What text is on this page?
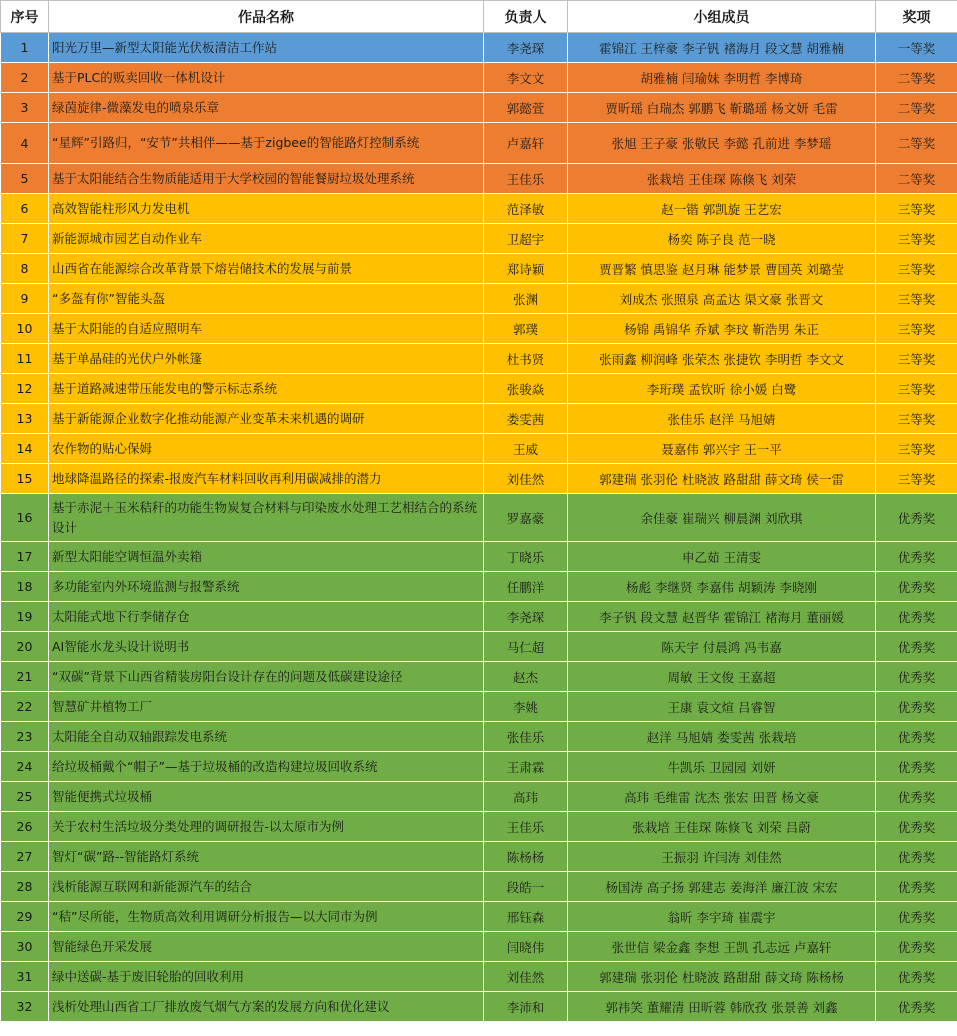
序号	作品名称	负责人	小组成员	奖项
1	阳光万里—新型太阳能光伏板清洁工作站	李尧琛	霍锦江 王梓豪 李子钒 褚海月 段文慧 胡雅楠	一等奖
2	基于PLC的贩卖回收一体机设计	李文文	胡雅楠 闫瑜妹 李明哲 李博琦	二等奖
3	绿茵旋律-微藻发电的喷泉乐章	郭懿萱	贾昕瑶 白瑞杰 郭鹏飞 靳璐瑶 杨文妍 毛雷	二等奖
4	“星辉”引路归，“安节”共相伴——基于zigbee的智能路灯控制系统	卢嘉轩	张旭 王子豪 张敬民 李懿 孔前进 李梦瑶	二等奖
5	基于太阳能结合生物质能适用于大学校园的智能餐厨垃圾处理系统	王佳乐	张栽培 王佳琛 陈倏飞 刘荣	二等奖
6	高效智能柱形风力发电机	范泽敏	赵一锴 郭凯旋 王艺宏	三等奖
7	新能源城市园艺自动作业车	卫超宇	杨奕 陈子良 范一晓	三等奖
8	山西省在能源综合改革背景下熔岩储技术的发展与前景	郑诗颖	贾晋繁 慎思鉴 赵月琳 能梦景 曹国英 刘璐莹	三等奖
9	“多盔有你”智能头盔	张渊	刘成杰 张照泉 高孟达 渠文豪 张晋文	三等奖
10	基于太阳能的自适应照明车	郭璞	杨锦 禹锦华 乔斌 李玟 靳浩男 朱正	三等奖
11	基于单晶硅的光伏户外帐篷	杜书贤	张雨鑫 柳润峰 张荣杰 张捷钦 李明哲 李文文	三等奖
12	基于道路减速带压能发电的警示标志系统	张骏焱	李珩璞 孟钦昕 徐小媛 白鹭	三等奖
13	基于新能源企业数字化推动能源产业变革未来机遇的调研	娄雯茜	张佳乐 赵洋 马旭婧	三等奖
14	农作物的贴心保姆	王威	聂嘉伟 郭兴宇 王一平	三等奖
15	地球降温路径的探索-报废汽车材料回收再利用碳减排的潜力	刘佳然	郭建瑞 张羽伦 杜晓波 路甜甜 薛文琦 侯一雷	三等奖
16	基于赤泥＋玉米秸秆的功能生物炭复合材料与印染废水处理工艺相结合的系统设计	罗嘉豪	余佳豪 崔瑞兴 柳晨渊 刘欣琪	优秀奖
17	新型太阳能空调恒温外卖箱	丁晓乐	申乙茹 王清雯	优秀奖
18	多功能室内外环境监测与报警系统	任鹏洋	杨彪 李继贤 李嘉伟 胡颖涛 李晓刚	优秀奖
19	太阳能式地下行李储存仓	李尧琛	李子钒 段文慧 赵晋华 霍锦江 褚海月 董丽媛	优秀奖
20	AI智能水龙头设计说明书	马仁超	陈天宇 付晨鸿 冯韦嘉	优秀奖
21	“双碳”背景下山西省精装房阳台设计存在的问题及低碳建设途径	赵杰	周敏 王文俊 王嘉超	优秀奖
22	智慧矿井植物工厂	李姚	王康 袁文煊 吕睿智	优秀奖
23	太阳能全自动双轴跟踪发电系统	张佳乐	赵洋 马旭婧 娄雯茜 张栽培	优秀奖
24	给垃圾桶戴个“帽子”—基于垃圾桶的改造构建垃圾回收系统	王肃霖	牛凯乐 卫园园 刘妍	优秀奖
25	智能便携式垃圾桶	高玮	高玮 毛维雷 沈杰 张宏 田晋 杨文豪	优秀奖
26	关于农村生活垃圾分类处理的调研报告-以太原市为例	王佳乐	张栽培 王佳琛 陈倏飞 刘荣 吕蔚	优秀奖
27	智灯“碳”路--智能路灯系统	陈杨杨	王振羽 许闫涛 刘佳然	优秀奖
28	浅析能源互联网和新能源汽车的结合	段皓一	杨国涛 高子扬 郭建志 姜海洋 廉江波 宋宏	优秀奖
29	“秸”尽所能，生物质高效利用调研分析报告—以大同市为例	邢钰森	翁昕 李宇琦 崔震宇	优秀奖
30	智能绿色开采发展	闫晓伟	张世信 梁金鑫 李想 王凯 孔志远 卢嘉轩	优秀奖
31	绿中送碳-基于废旧轮胎的回收利用	刘佳然	郭建瑞 张羽伦 杜晓波 路甜甜 薛文琦 陈杨杨	优秀奖
32	浅析处理山西省工厂排放废气烟气方案的发展方向和优化建议	李沛和	郭祎笑 董耀清 田昕蓉 韩欣孜 张景善 刘鑫	优秀奖
